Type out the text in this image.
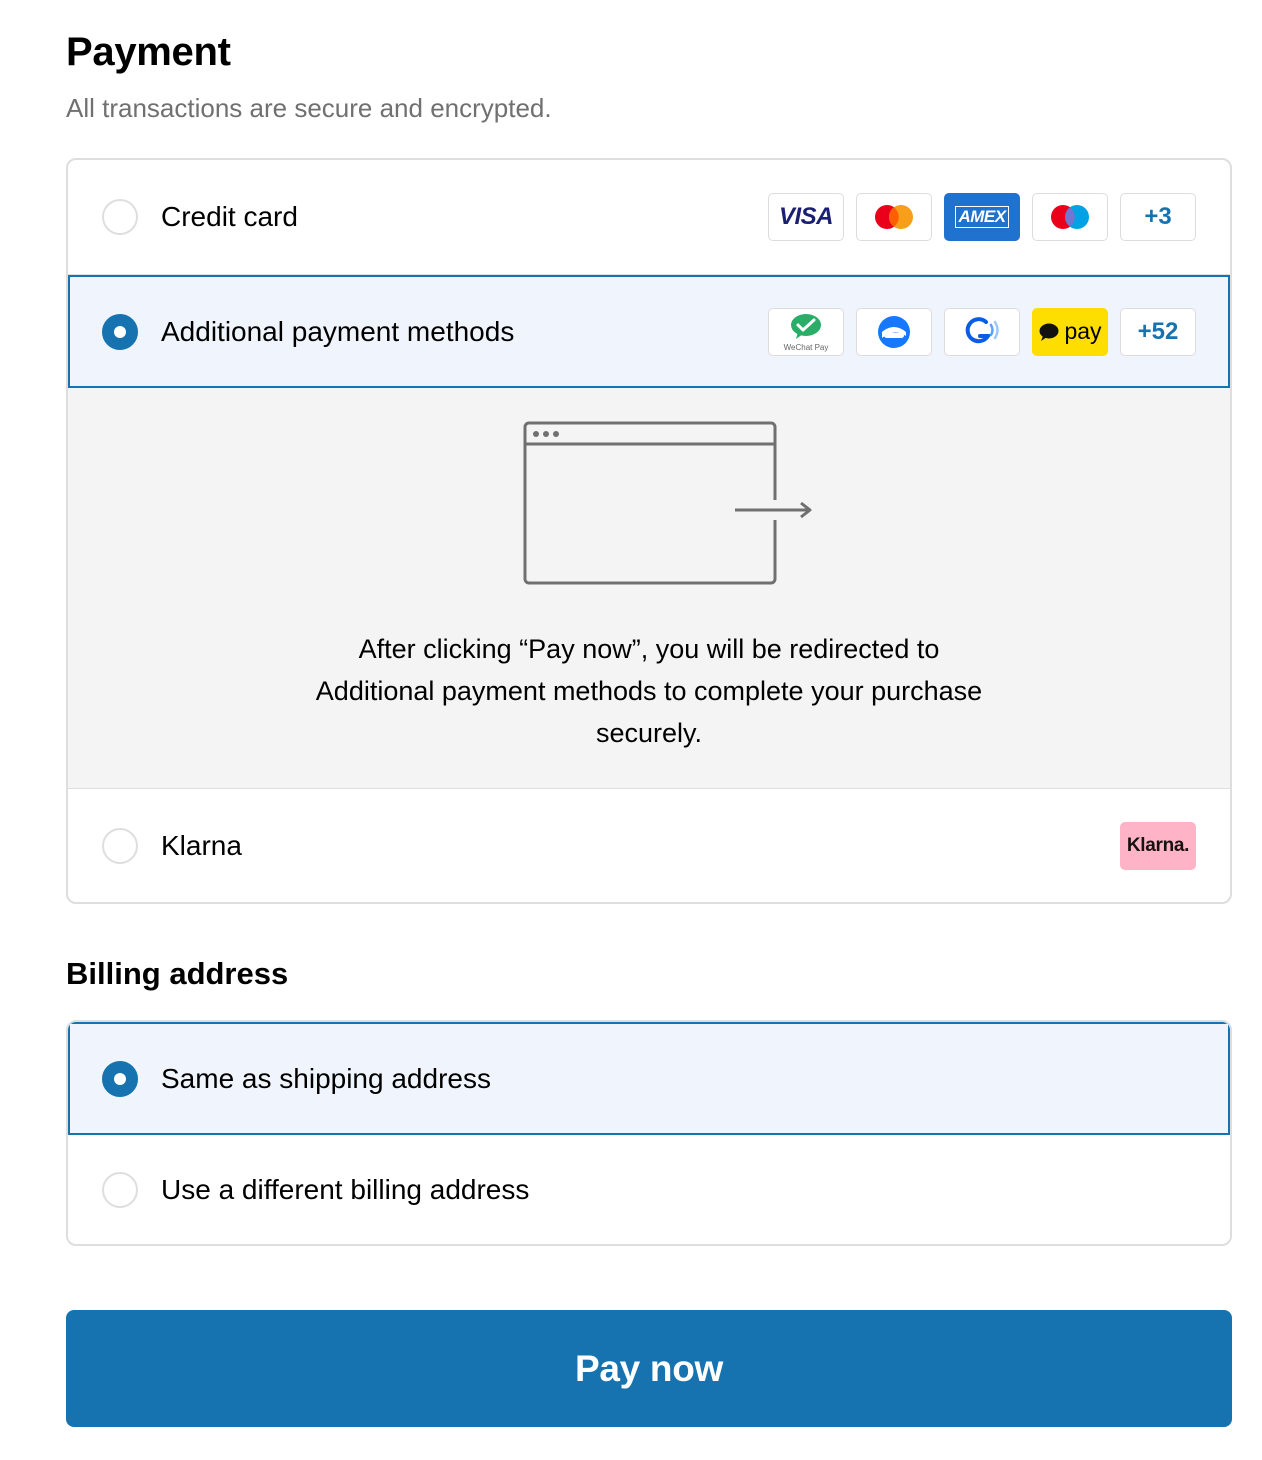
Payment

All transactions are secure and encrypted.

Credit card	VISA	AMEX	+3
Additional payment methods
WeChat Pay
pay	+52

After clicking “Pay now”, you will be redirected to Additional payment methods to complete your purchase securely.

Klarna	Klarna.
Billing address
Same as shipping address
Use a different billing address
Pay now
